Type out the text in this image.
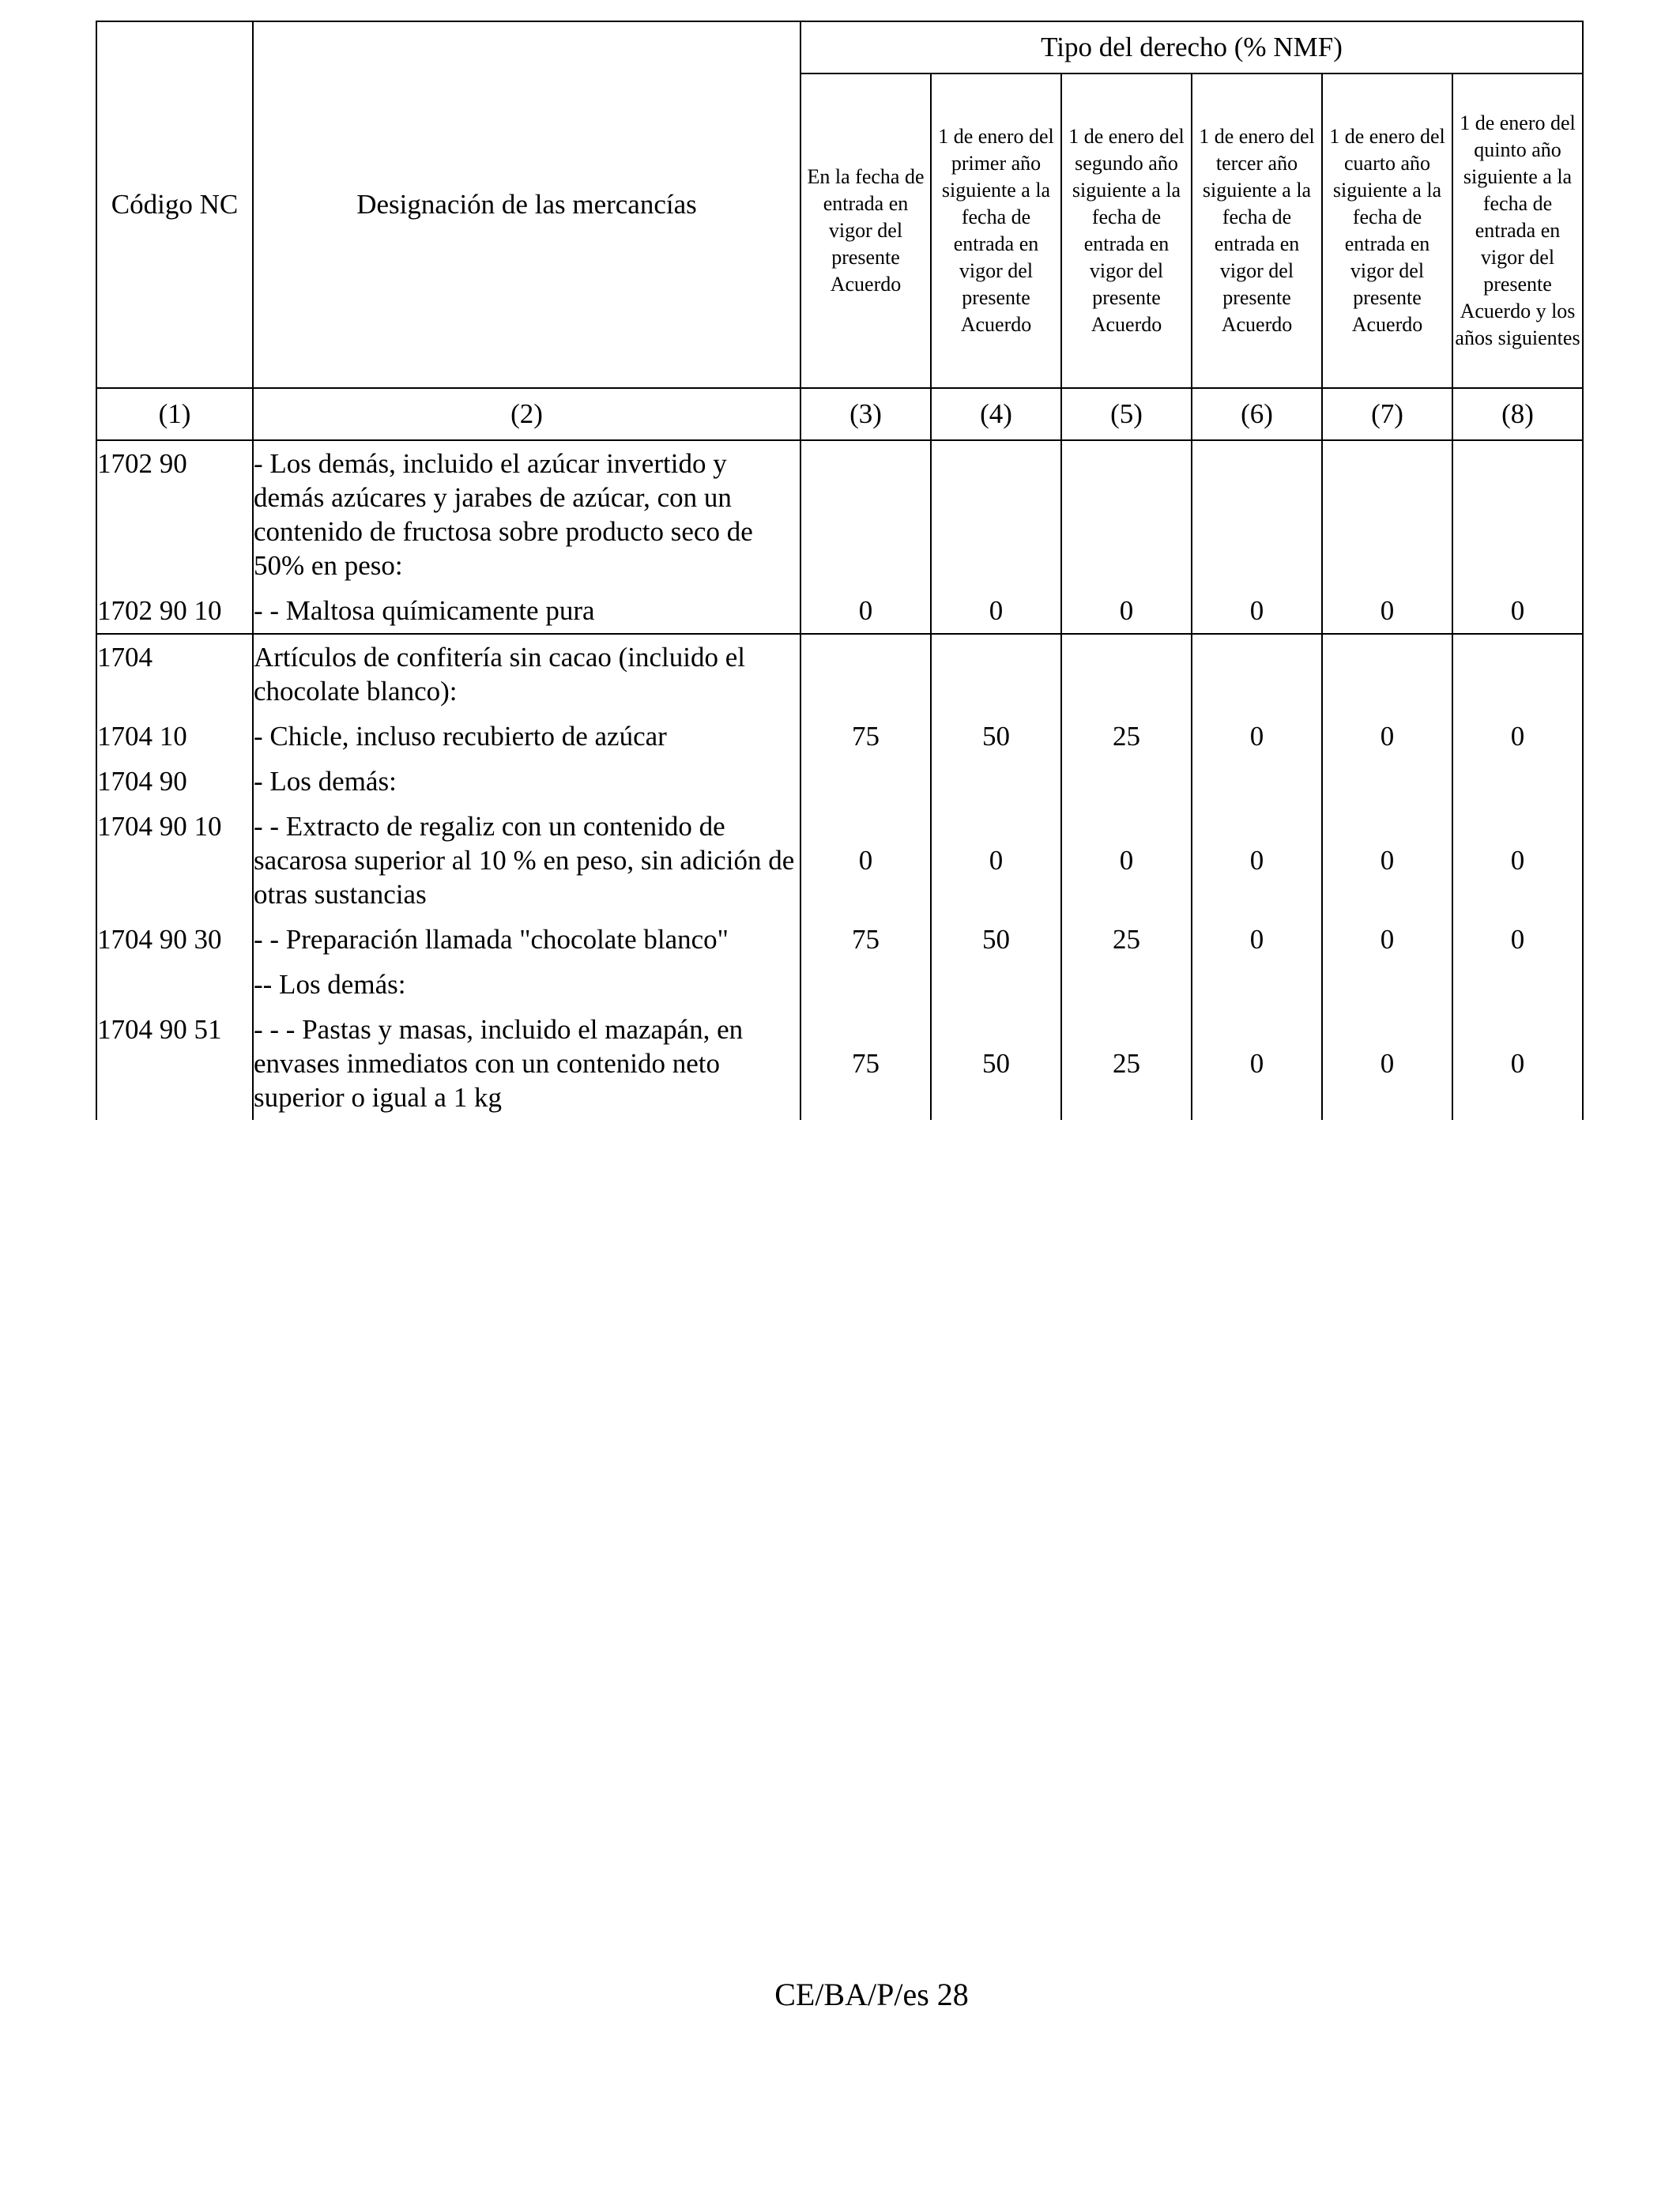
Código NC	Designación de las mercancías	Tipo del derecho (% NMF)					
		En la fecha de entrada en vigor del presente Acuerdo	1 de enero del primer año siguiente a la fecha de entrada en vigor del presente Acuerdo	1 de enero del segundo año siguiente a la fecha de entrada en vigor del presente Acuerdo	1 de enero del tercer año siguiente a la fecha de entrada en vigor del presente Acuerdo	1 de enero del cuarto año siguiente a la fecha de entrada en vigor del presente Acuerdo	1 de enero del quinto año siguiente a la fecha de entrada en vigor del presente Acuerdo y los años siguientes
(1)	(2)	(3)	(4)	(5)	(6)	(7)	(8)
1702 90	- Los demás, incluido el azúcar invertido y demás azúcares y jarabes de azúcar, con un contenido de fructosa sobre producto seco de 50% en peso:						
1702 90 10	- - Maltosa químicamente pura	0	0	0	0	0	0
1704	Artículos de confitería sin cacao (incluido el chocolate blanco):						
1704 10	- Chicle, incluso recubierto de azúcar	75	50	25	0	0	0
1704 90	- Los demás:						
1704 90 10	- - Extracto de regaliz con un contenido de sacarosa superior al 10 % en peso, sin adición de otras sustancias	0	0	0	0	0	0
1704 90 30	- - Preparación llamada "chocolate blanco"	75	50	25	0	0	0
	-- Los demás:						
1704 90 51	- - - Pastas y masas, incluido el mazapán, en envases inmediatos con un contenido neto superior o igual a 1 kg	75	50	25	0	0	0
CE/BA/P/es 28
